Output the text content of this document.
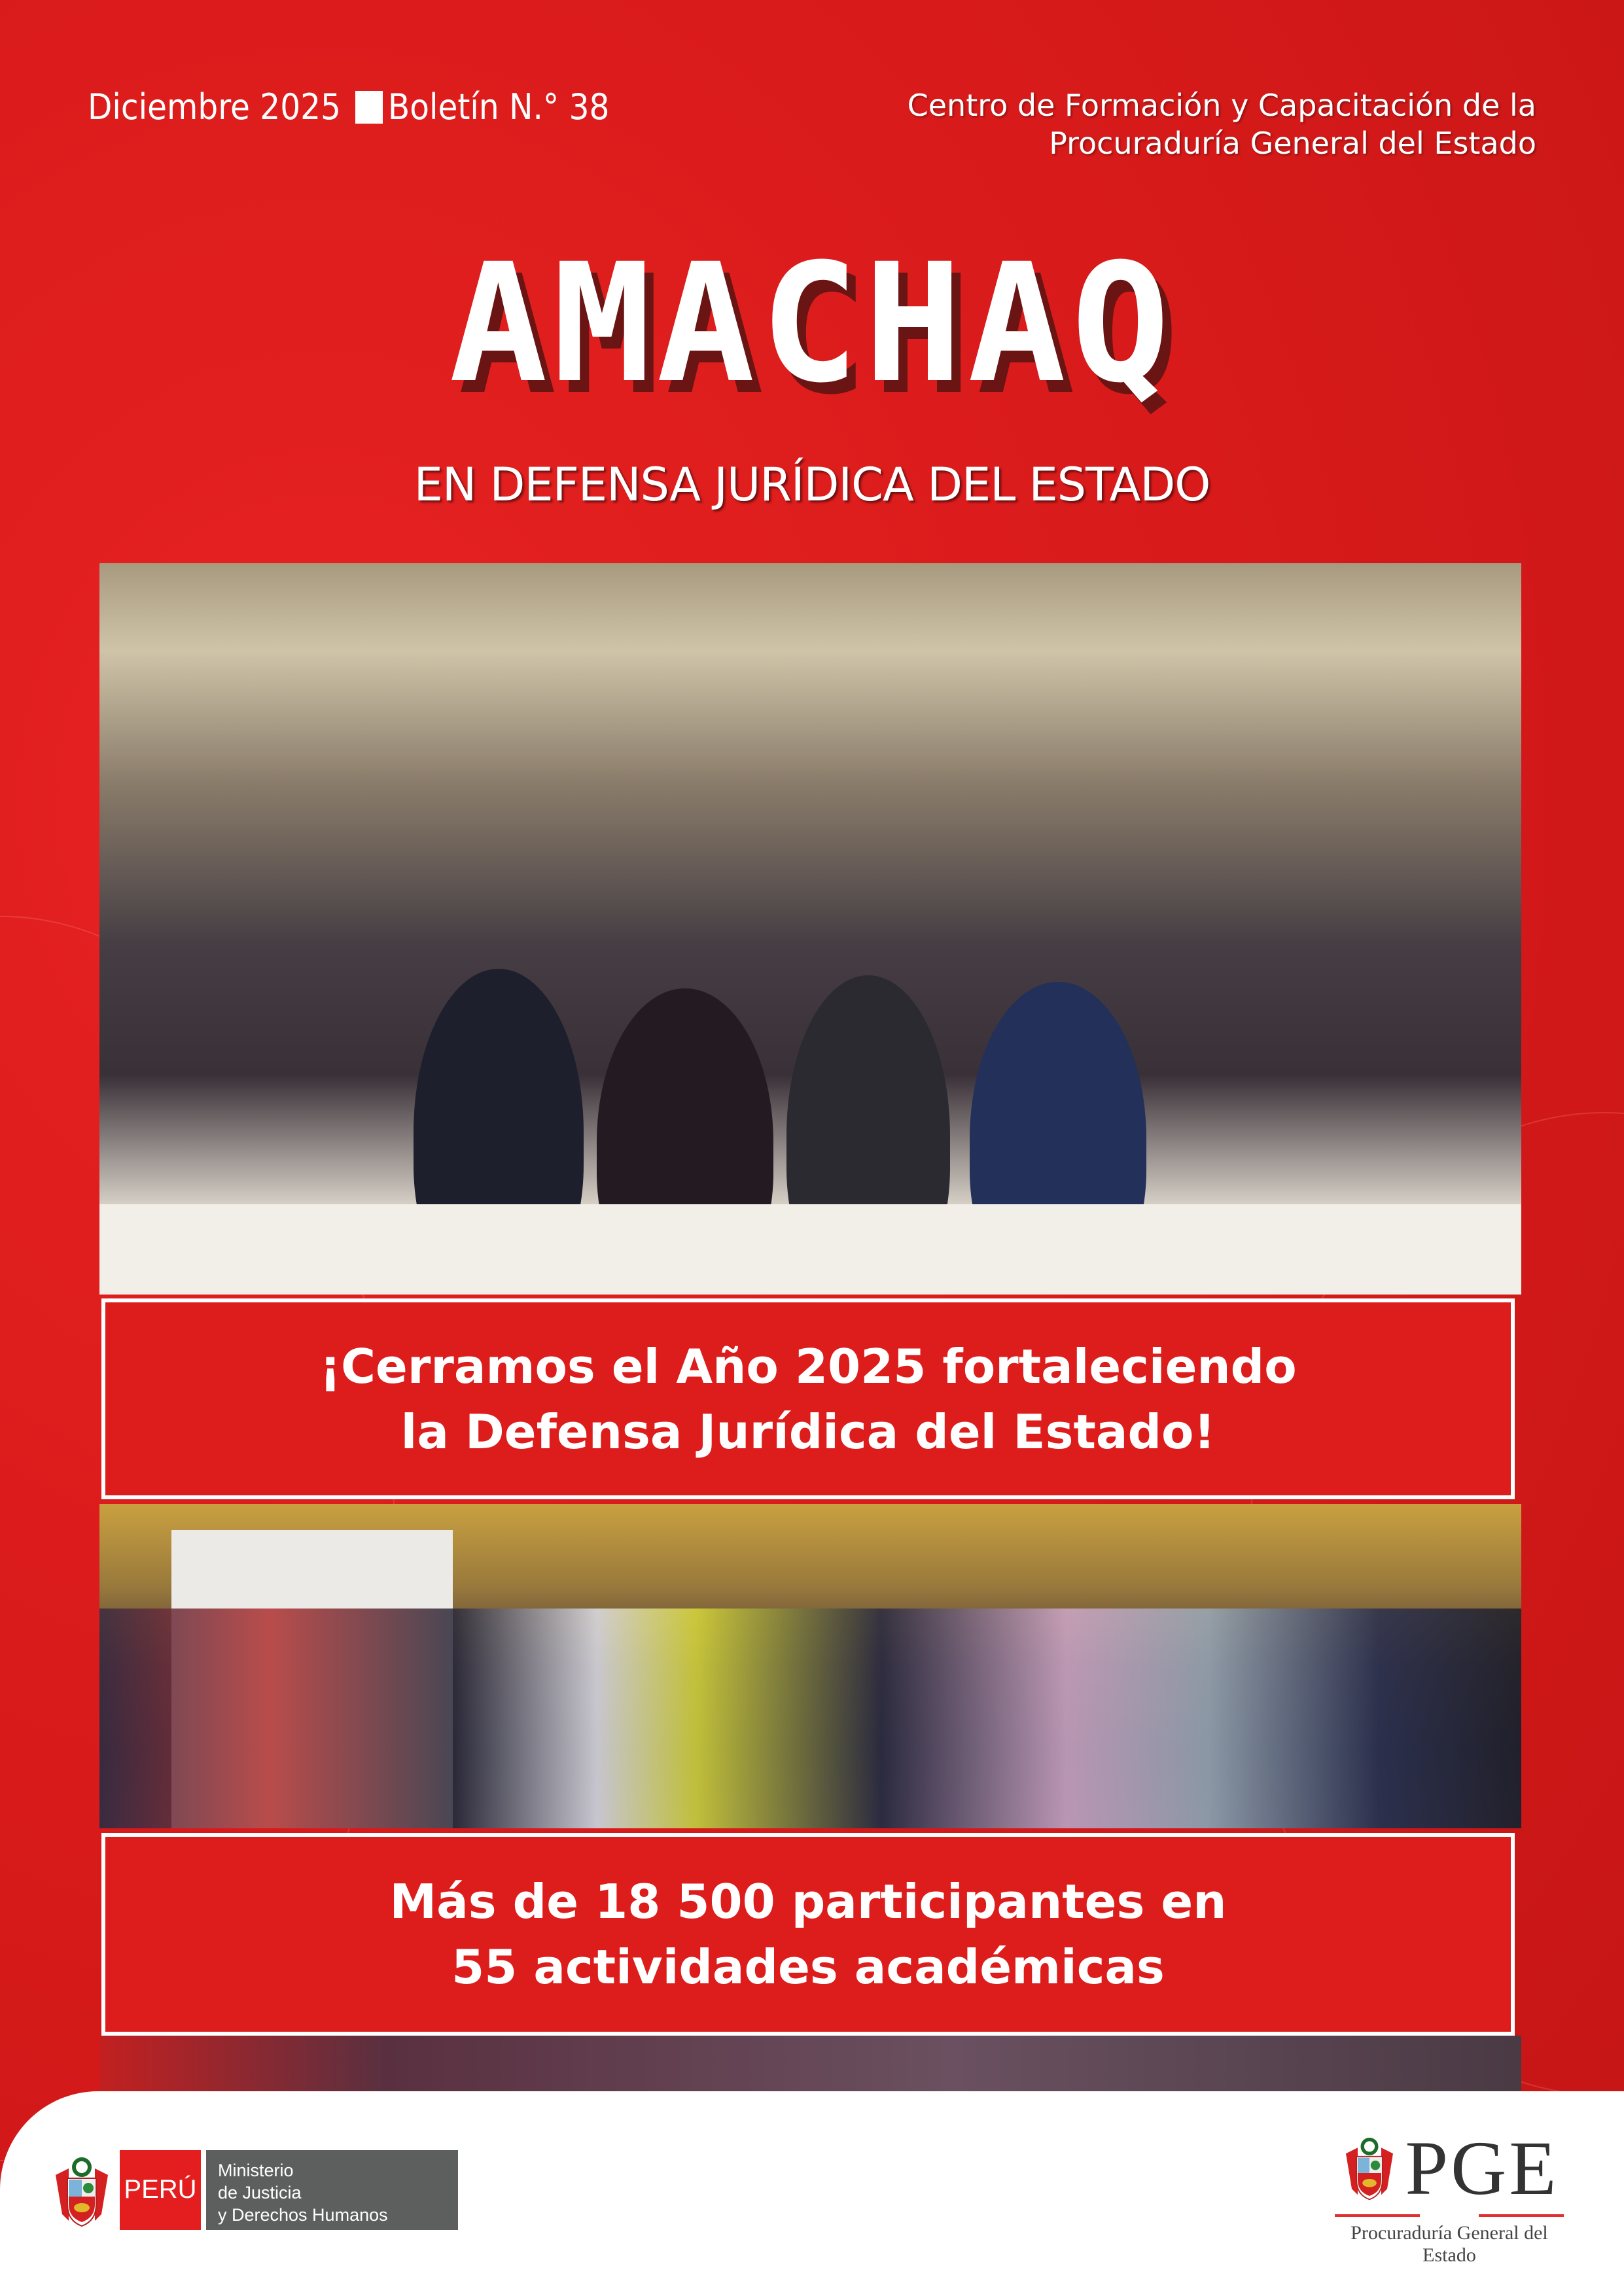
Diciembre 2025 Boletín N.° 38	Centro de Formación y Capacitación de la
Procuraduría General del Estado
AMACHAQ
EN DEFENSA JURÍDICA DEL ESTADO
¡Cerramos el Año 2025 fortaleciendo
la Defensa Jurídica del Estado!
Más de 18 500 participantes en
55 actividades académicas
PERÚ
Ministerio
de Justicia
y Derechos Humanos
PGE
Procuraduría General del
Estado
